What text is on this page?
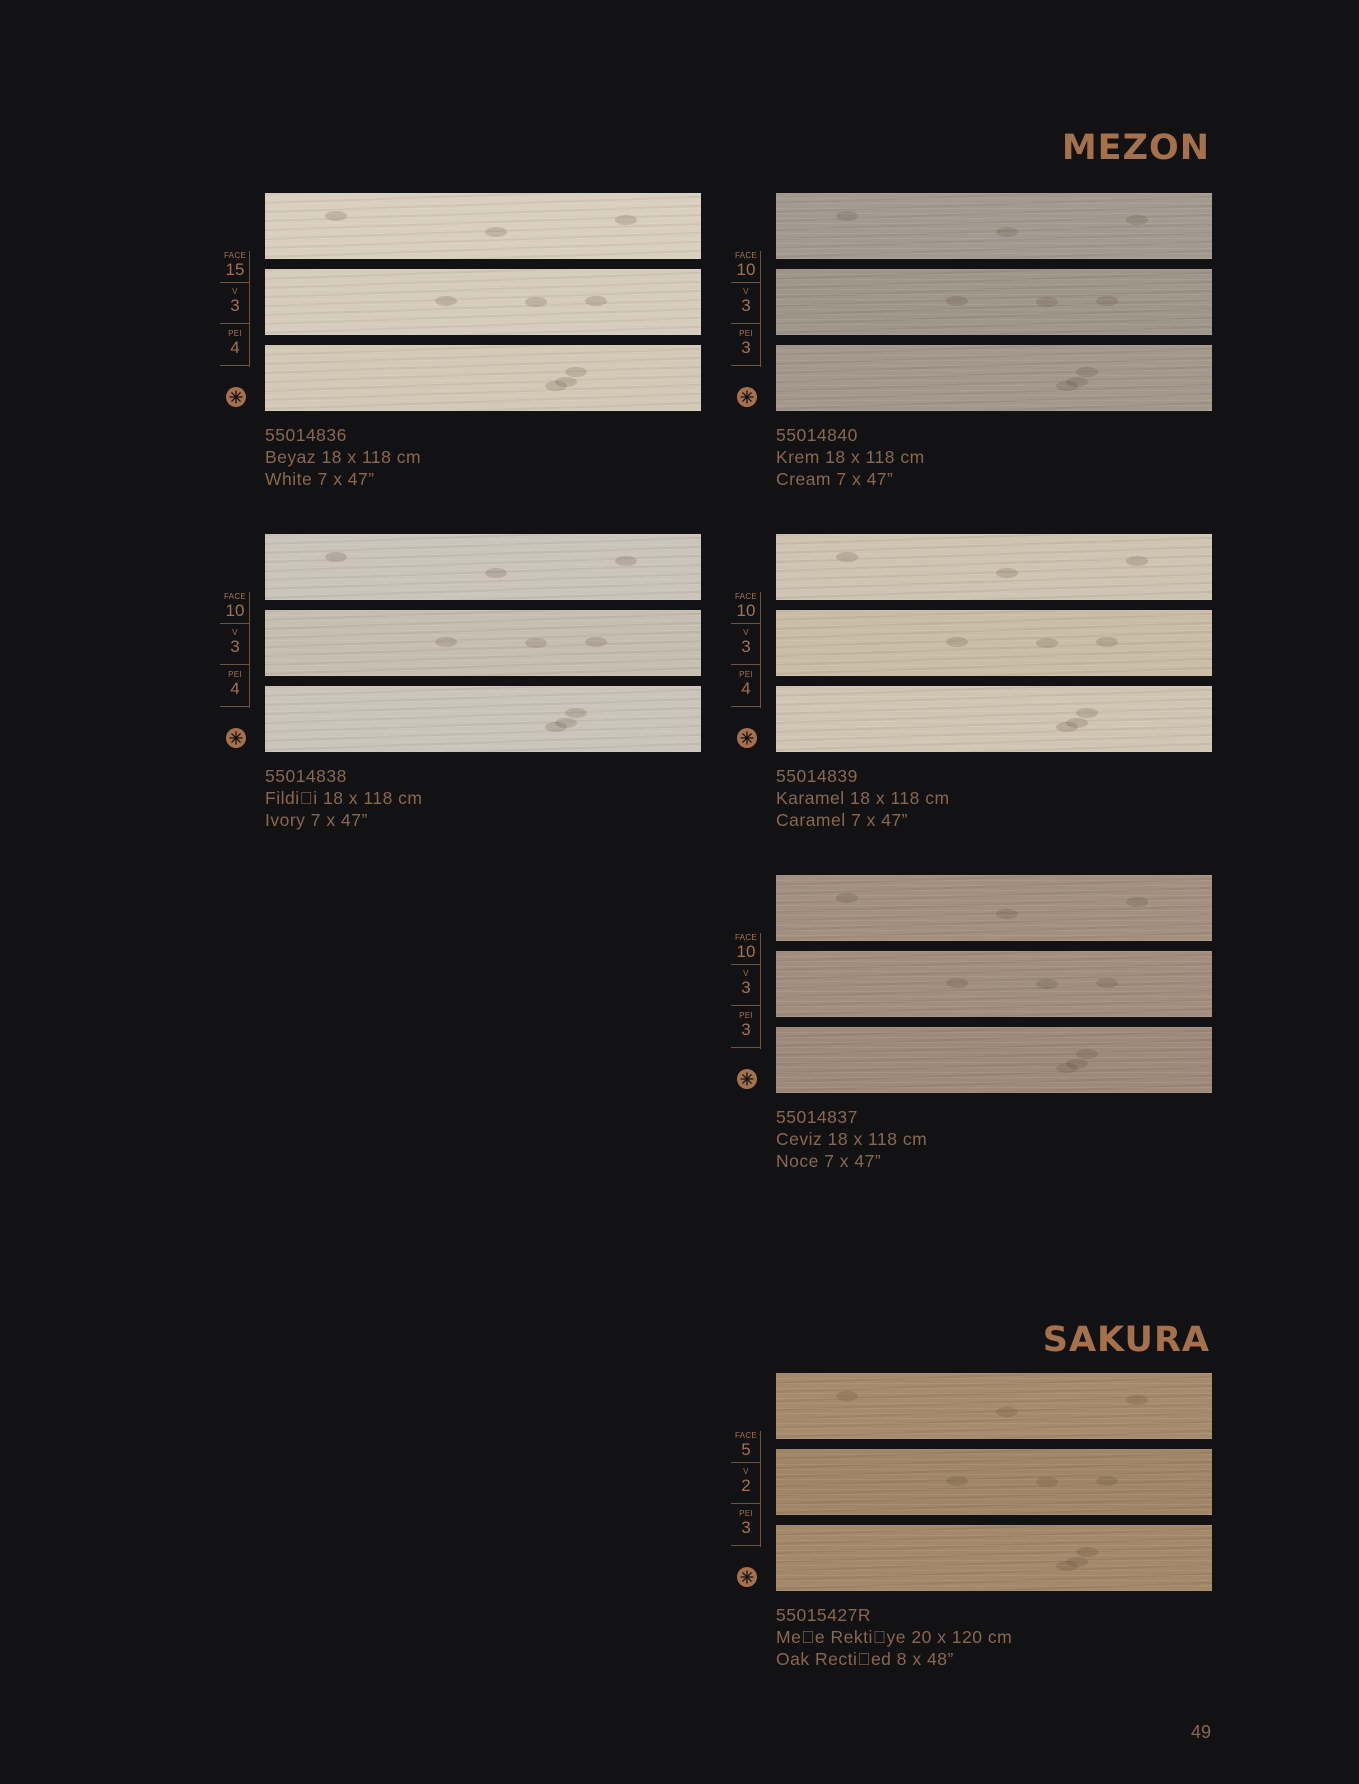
MEZON
SAKURA
FACE
15
V
3
PEI
4
55014836
Beyaz 18 x 118 cm
White 7 x 47”
FACE
10
V
3
PEI
3
55014840
Krem 18 x 118 cm
Cream 7 x 47”
FACE
10
V
3
PEI
4
55014838
Fildi i 18 x 118 cm
Ivory 7 x 47”
FACE
10
V
3
PEI
4
55014839
Karamel 18 x 118 cm
Caramel 7 x 47”
FACE
10
V
3
PEI
3
55014837
Ceviz 18 x 118 cm
Noce 7 x 47”
FACE
5
V
2
PEI
3
55015427R
Me e Rekti ye 20 x 120 cm
Oak Recti ed 8 x 48”
49
